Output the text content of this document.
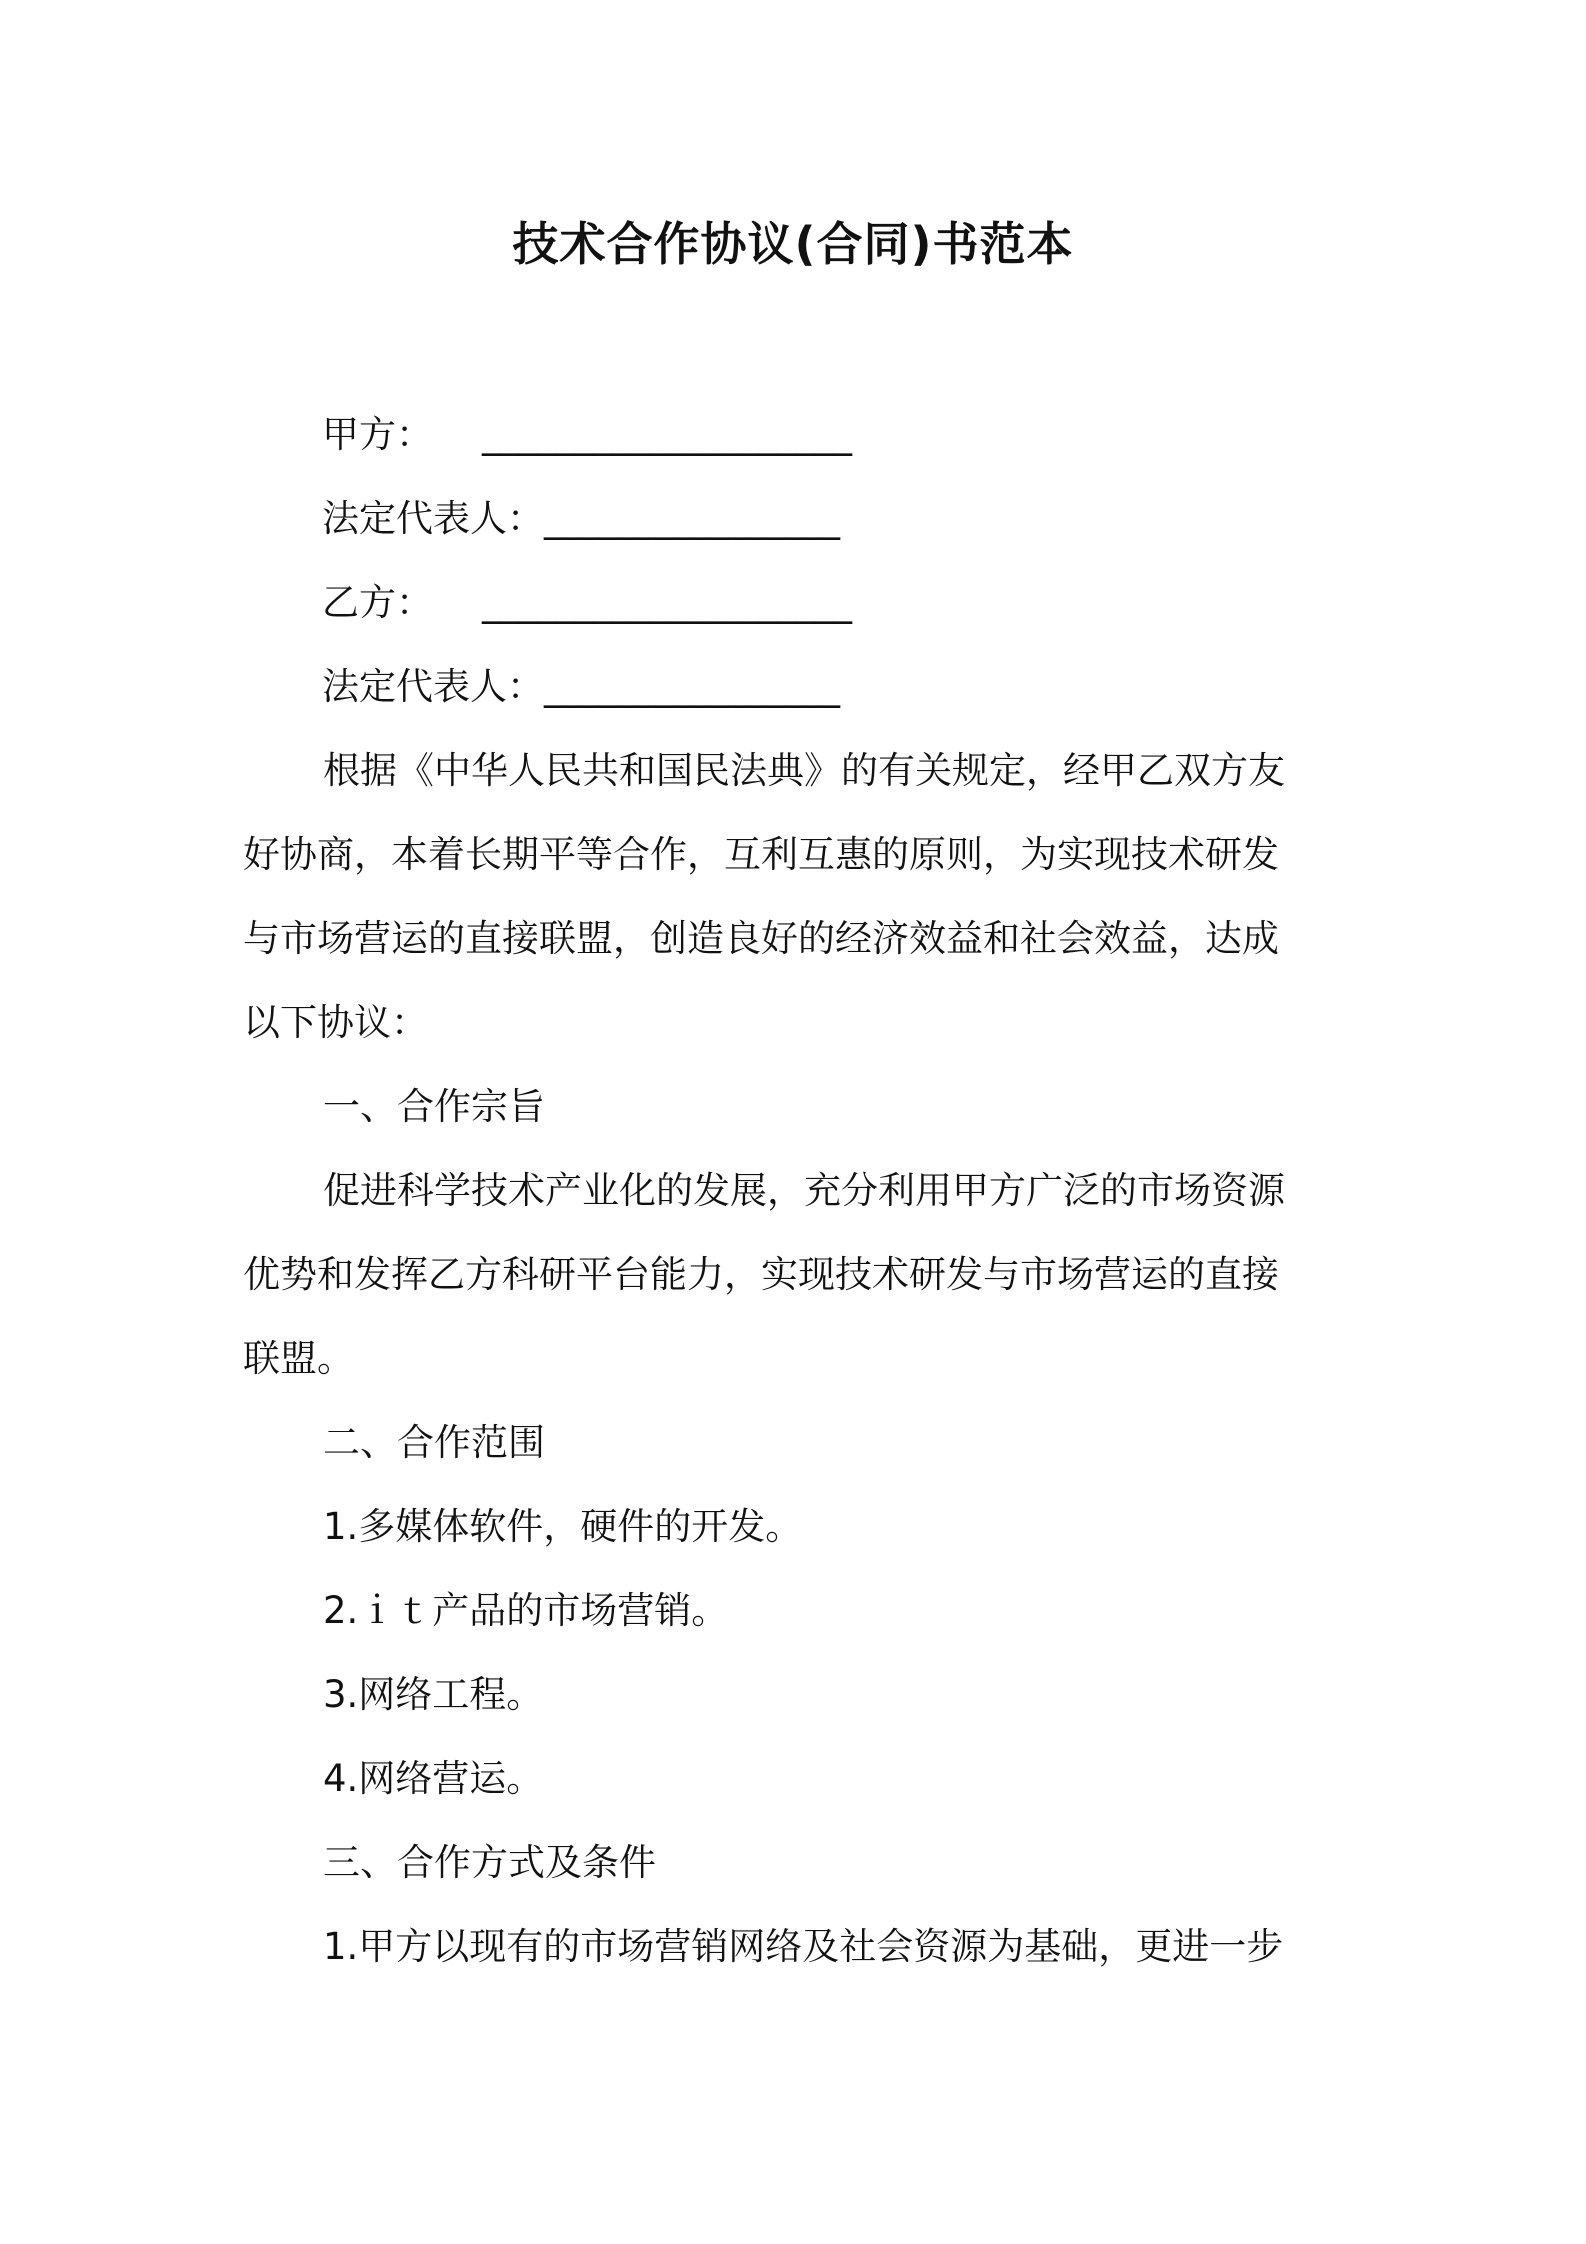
技术合作协议(合同)书范本
甲方： ____________________
法定代表人：________________
乙方： ____________________
法定代表人：________________
根据《中华人民共和国民法典》的有关规定，经甲乙双方友
好协商，本着长期平等合作，互利互惠的原则，为实现技术研发
与市场营运的直接联盟，创造良好的经济效益和社会效益，达成
以下协议：
一、合作宗旨
促进科学技术产业化的发展，充分利用甲方广泛的市场资源
优势和发挥乙方科研平台能力，实现技术研发与市场营运的直接
联盟。
二、合作范围
1.多媒体软件，硬件的开发。
2.ｉｔ产品的市场营销。
3.网络工程。
4.网络营运。
三、合作方式及条件
1.甲方以现有的市场营销网络及社会资源为基础，更进一步
